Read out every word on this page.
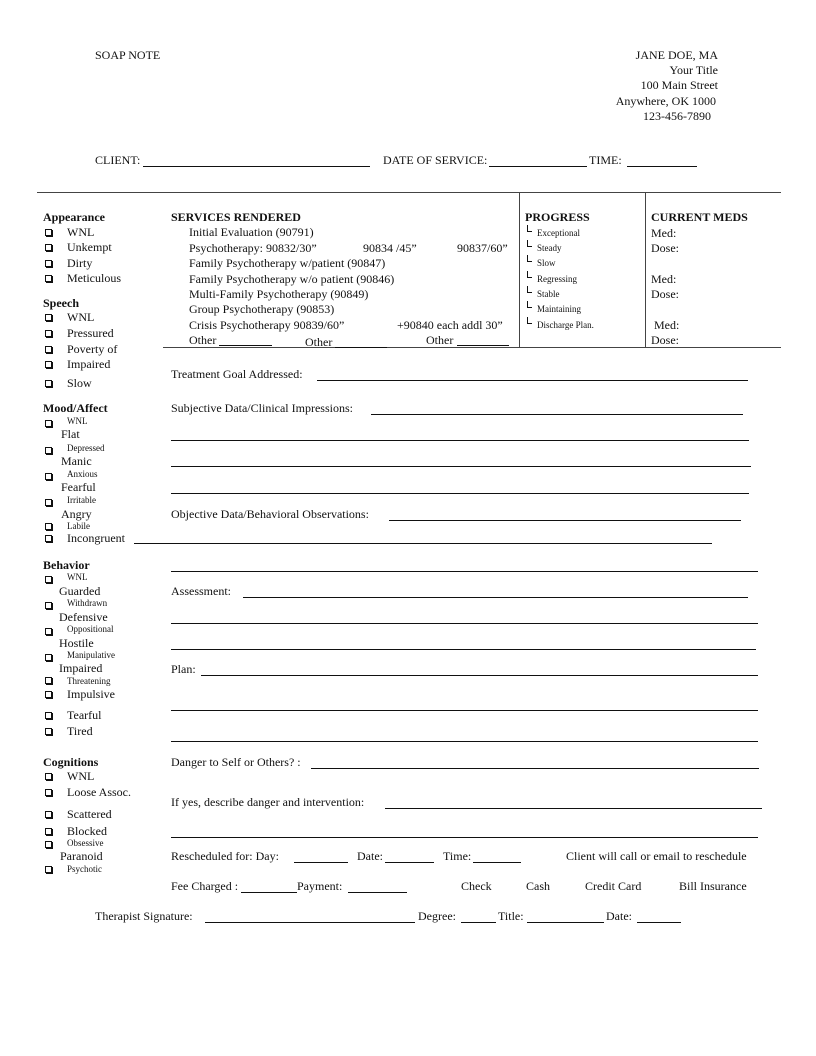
SOAP NOTE	JANE DOE, MA
Your Title
100 Main Street
Anywhere, OK 1000
123-456-7890
CLIENT:	DATE OF SERVICE:	TIME:
Appearance
WNL
Unkempt
Dirty
Meticulous
Speech
WNL
Pressured
Poverty of
Impaired
Slow
Mood/Affect
WNL
Flat
Depressed
Manic
Anxious
Fearful
Irritable
Angry
Labile
Incongruent
Behavior
WNL
Guarded
Withdrawn
Defensive
Oppositional
Hostile
Manipulative
Impaired
Threatening
Impulsive
Tearful
Tired
Cognitions
WNL
Loose Assoc.
Scattered
Blocked
Obsessive
Paranoid
Psychotic
SERVICES RENDERED
Initial Evaluation (90791)
Psychotherapy: 90832/30”	90834 /45”	90837/60”
Family Psychotherapy w/patient (90847)
Family Psychotherapy w/o patient (90846)
Multi-Family Psychotherapy (90849)
Group Psychotherapy (90853)
Crisis Psychotherapy 90839/60”	+90840 each addl 30”
Other	Other	Other
PROGRESS
Exceptional
Steady
Slow
Regressing
Stable
Maintaining
Discharge Plan.
CURRENT MEDS
Med:
Dose:
Med:
Dose:
Med:
Dose:
Treatment Goal Addressed:
Subjective Data/Clinical Impressions:
Objective Data/Behavioral Observations:
Assessment:
Plan:
Danger to Self or Others? :
If yes, describe danger and intervention:
Rescheduled for: Day:	Date:	Time:	Client will call or email to reschedule
Fee Charged :	Payment:	Check	Cash	Credit Card	Bill Insurance
Therapist Signature:	Degree:	Title:	Date:
